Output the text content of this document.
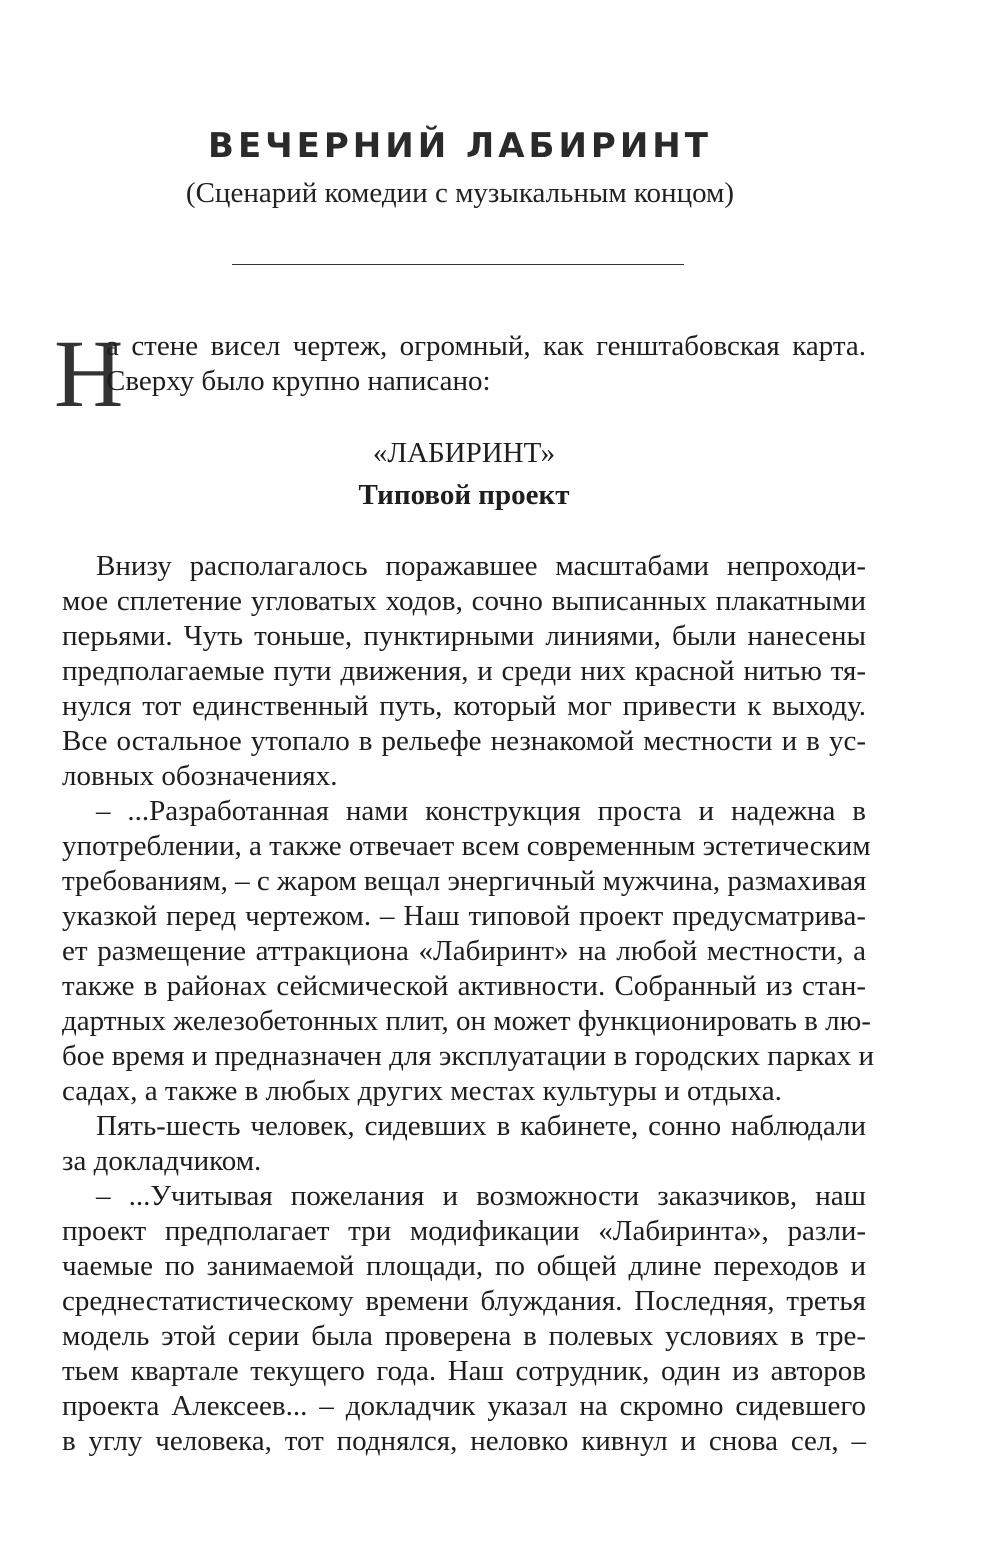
ВЕЧЕРНИЙ ЛАБИРИНТ
(Сценарий комедии с музыкальным концом)
Н
а стене висел чертеж, огромный, как генштабовская карта.
Сверху было крупно написано:
«ЛАБИРИНТ»
Типовой проект
Внизу располагалось поражавшее масштабами непроходи-
мое сплетение угловатых ходов, сочно выписанных плакатными
перьями. Чуть тоньше, пунктирными линиями, были нанесены
предполагаемые пути движения, и среди них красной нитью тя-
нулся тот единственный путь, который мог привести к выходу.
Все остальное утопало в рельефе незнакомой местности и в ус-
ловных обозначениях.
– ...Разработанная нами конструкция проста и надежна в
употреблении, а также отвечает всем современным эстетическим
требованиям, – с жаром вещал энергичный мужчина, размахивая
указкой перед чертежом. – Наш типовой проект предусматрива-
ет размещение аттракциона «Лабиринт» на любой местности, а
также в районах сейсмической активности. Собранный из стан-
дартных железобетонных плит, он может функционировать в лю-
бое время и предназначен для эксплуатации в городских парках и
садах, а также в любых других местах культуры и отдыха.
Пять-шесть человек, сидевших в кабинете, сонно наблюдали
за докладчиком.
– ...Учитывая пожелания и возможности заказчиков, наш
проект предполагает три модификации «Лабиринта», разли-
чаемые по занимаемой площади, по общей длине переходов и
среднестатистическому времени блуждания. Последняя, третья
модель этой серии была проверена в полевых условиях в тре-
тьем квартале текущего года. Наш сотрудник, один из авторов
проекта Алексеев... – докладчик указал на скромно сидевшего
в углу человека, тот поднялся, неловко кивнул и снова сел, –
